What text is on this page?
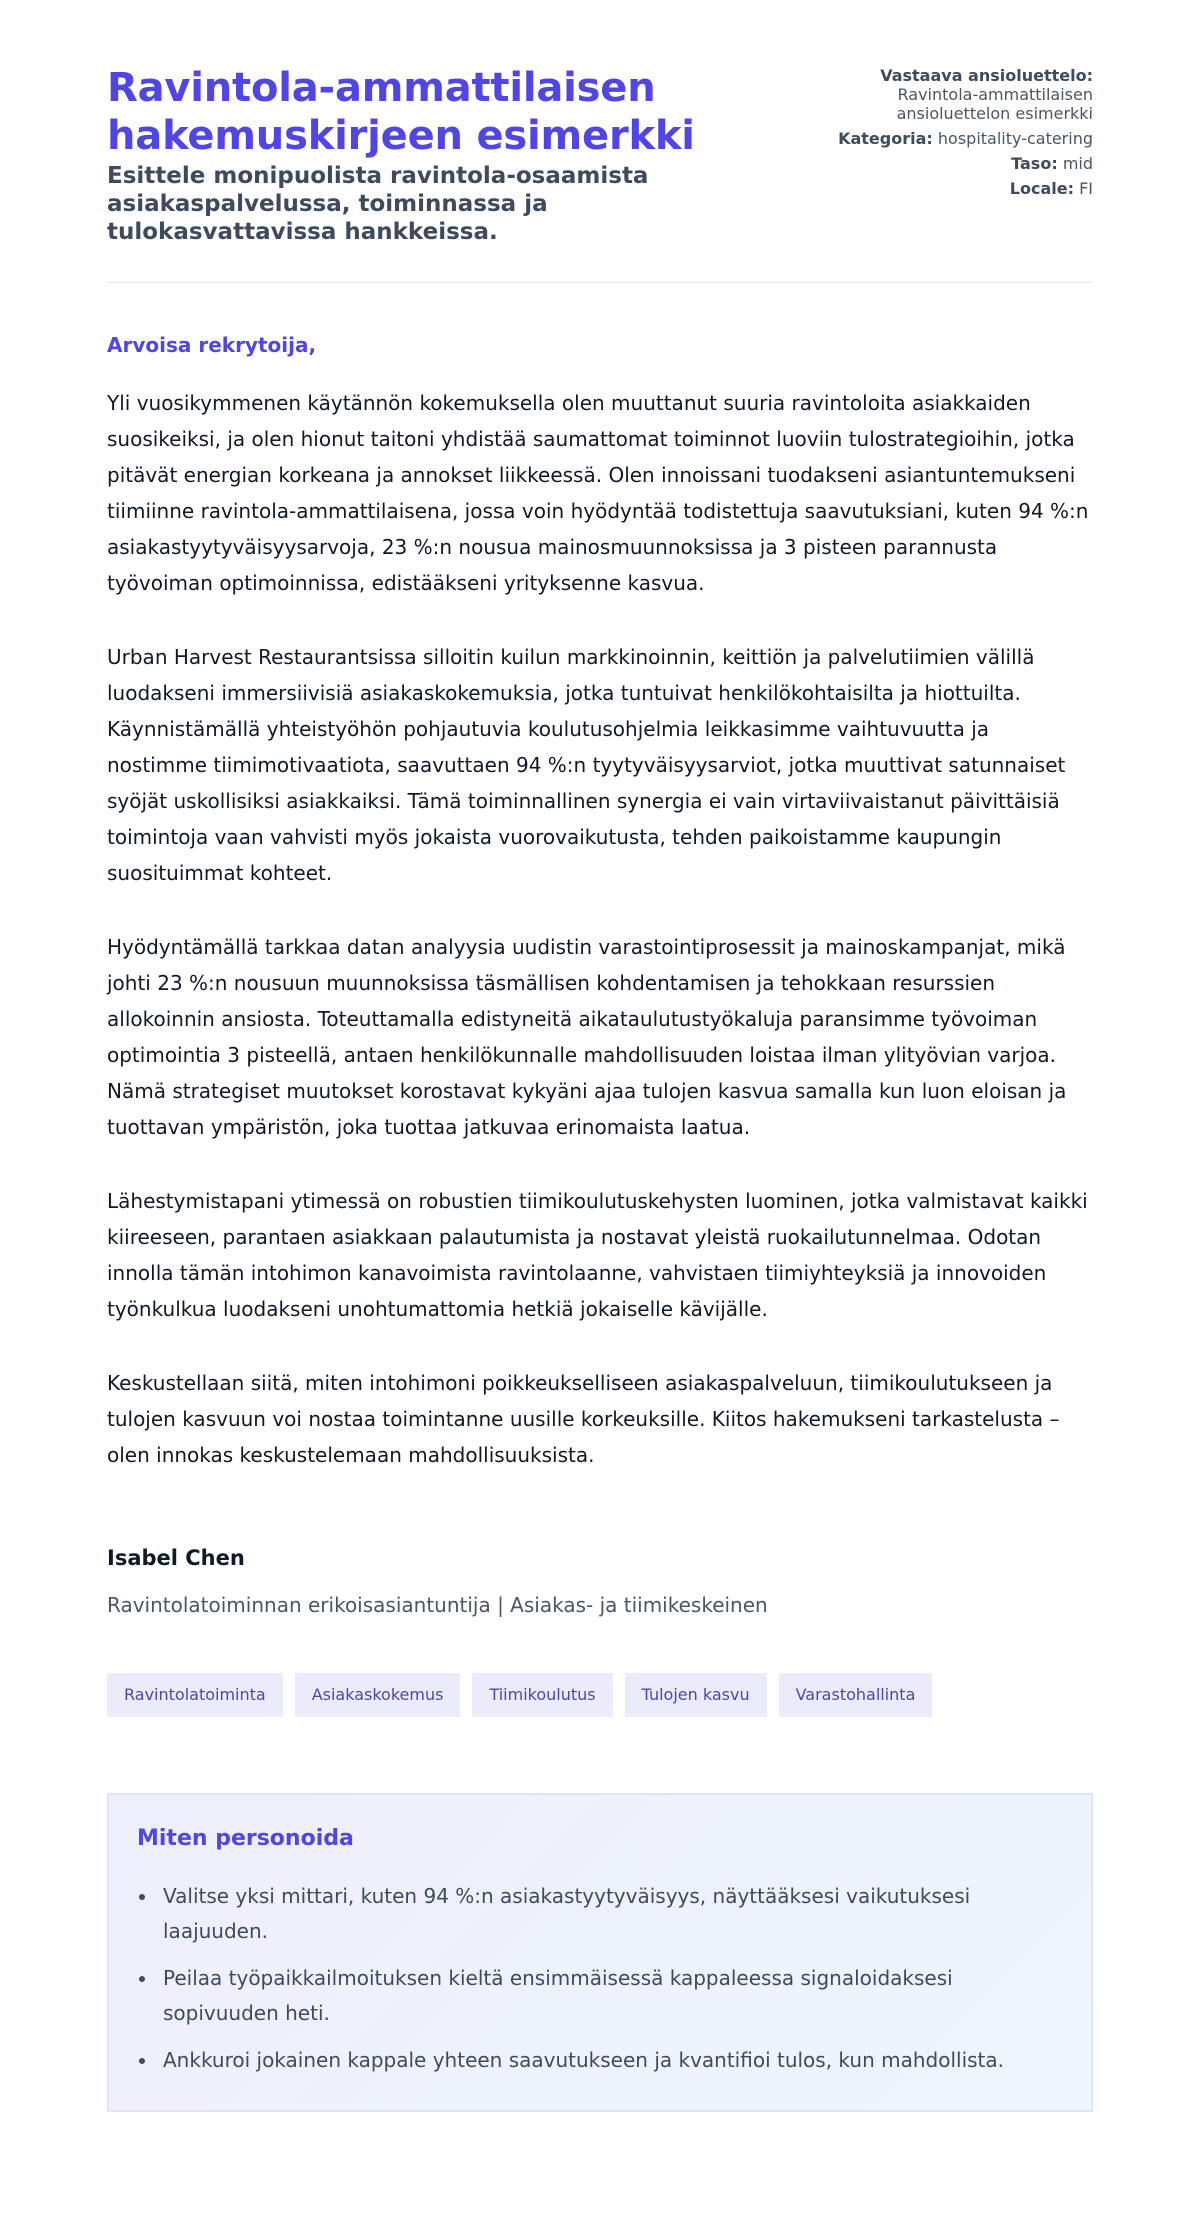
Ravintola-ammattilaisen hakemuskirjeen esimerkki
Esittele monipuolista ravintola-osaamista asiakaspalvelussa, toiminnassa ja tulokasvattavissa hankkeissa.
Vastaava ansioluettelo:
Ravintola-ammattilaisen ansioluettelon esimerkki
Kategoria: hospitality-catering
Taso: mid
Locale: FI
Arvoisa rekrytoija,

Yli vuosikymmenen käytännön kokemuksella olen muuttanut suuria ravintoloita asiakkaiden suosikeiksi, ja olen hionut taitoni yhdistää saumattomat toiminnot luoviin tulostrategioihin, jotka pitävät energian korkeana ja annokset liikkeessä. Olen innoissani tuodakseni asiantuntemukseni tiimiinne ravintola-ammattilaisena, jossa voin hyödyntää todistettuja saavutuksiani, kuten 94 %:n asiakastyytyväisyysarvoja, 23 %:n nousua mainosmuunnoksissa ja 3 pisteen parannusta työvoiman optimoinnissa, edistääkseni yrityksenne kasvua.

Urban Harvest Restaurantsissa silloitin kuilun markkinoinnin, keittiön ja palvelutiimien välillä luodakseni immersiivisiä asiakaskokemuksia, jotka tuntuivat henkilökohtaisilta ja hiottuilta. Käynnistämällä yhteistyöhön pohjautuvia koulutusohjelmia leikkasimme vaihtuvuutta ja nostimme tiimimotivaatiota, saavuttaen 94 %:n tyytyväisyysarviot, jotka muuttivat satunnaiset syöjät uskollisiksi asiakkaiksi. Tämä toiminnallinen synergia ei vain virtaviivaistanut päivittäisiä toimintoja vaan vahvisti myös jokaista vuorovaikutusta, tehden paikoistamme kaupungin suosituimmat kohteet.

Hyödyntämällä tarkkaa datan analyysia uudistin varastointiprosessit ja mainoskampanjat, mikä johti 23 %:n nousuun muunnoksissa täsmällisen kohdentamisen ja tehokkaan resurssien allokoinnin ansiosta. Toteuttamalla edistyneitä aikataulutustyökaluja paransimme työvoiman optimointia 3 pisteellä, antaen henkilökunnalle mahdollisuuden loistaa ilman ylityövian varjoa. Nämä strategiset muutokset korostavat kykyäni ajaa tulojen kasvua samalla kun luon eloisan ja tuottavan ympäristön, joka tuottaa jatkuvaa erinomaista laatua.

Lähestymistapani ytimessä on robustien tiimikoulutuskehysten luominen, jotka valmistavat kaikki kiireeseen, parantaen asiakkaan palautumista ja nostavat yleistä ruokailutunnelmaa. Odotan innolla tämän intohimon kanavoimista ravintolaanne, vahvistaen tiimiyhteyksiä ja innovoiden työnkulkua luodakseni unohtumattomia hetkiä jokaiselle kävijälle.

Keskustellaan siitä, miten intohimoni poikkeukselliseen asiakaspalveluun, tiimikoulutukseen ja tulojen kasvuun voi nostaa toimintanne uusille korkeuksille. Kiitos hakemukseni tarkastelusta – olen innokas keskustelemaan mahdollisuuksista.

Isabel Chen
Ravintolatoiminnan erikoisasiantuntija | Asiakas- ja tiimikeskeinen
Ravintolatoiminta	Asiakaskokemus	Tiimikoulutus	Tulojen kasvu	Varastohallinta
Miten personoida
Valitse yksi mittari, kuten 94 %:n asiakastyytyväisyys, näyttääksesi vaikutuksesi laajuuden.
Peilaa työpaikkailmoituksen kieltä ensimmäisessä kappaleessa signaloidaksesi sopivuuden heti.
Ankkuroi jokainen kappale yhteen saavutukseen ja kvantifioi tulos, kun mahdollista.
